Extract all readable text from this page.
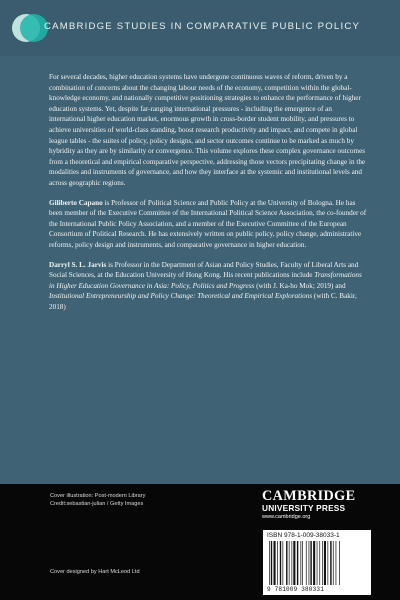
CAMBRIDGE STUDIES IN COMPARATIVE PUBLIC POLICY

For several decades, higher education systems have undergone continuous waves of reform, driven by a combination of concerns about the changing labour needs of the economy, competition within the global-knowledge economy, and nationally competitive positioning strategies to enhance the performance of higher education systems. Yet, despite far-ranging international pressures - including the emergence of an international higher education market, enormous growth in cross-border student mobility, and pressures to achieve universities of world-class standing, boost research productivity and impact, and compete in global league tables - the suites of policy, policy designs, and sector outcomes continue to be marked as much by hybridity as they are by similarity or convergence. This volume explores these complex governance outcomes from a theoretical and empirical comparative perspective, addressing those vectors precipitating change in the modalities and instruments of governance, and how they interface at the systemic and institutional levels and across geographic regions.

Giliberto Capano is Professor of Political Science and Public Policy at the University of Bologna. He has been member of the Executive Committee of the International Political Science Association, the co-founder of the International Public Policy Association, and a member of the Executive Committee of the European Consortium of Political Research. He has extensively written on public policy, policy change, administrative reforms, policy design and instruments, and comparative governance in higher education.

Darryl S. L. Jarvis is Professor in the Department of Asian and Policy Studies, Faculty of Liberal Arts and Social Sciences, at the Education University of Hong Kong. His recent publications include Transformations in Higher Education Governance in Asia: Policy, Politics and Progress (with J. Ka-ho Mok; 2019) and Institutional Entrepreneurship and Policy Change: Theoretical and Empirical Explorations (with C. Bakir, 2018)

Cover illustration: Post-modern Library
Credit:sebastian-julian / Getty Images
Cover designed by Hart McLeod Ltd
CAMBRIDGE
UNIVERSITY PRESS
www.cambridge.org
ISBN 978-1-009-38033-1
9 781009 380331
